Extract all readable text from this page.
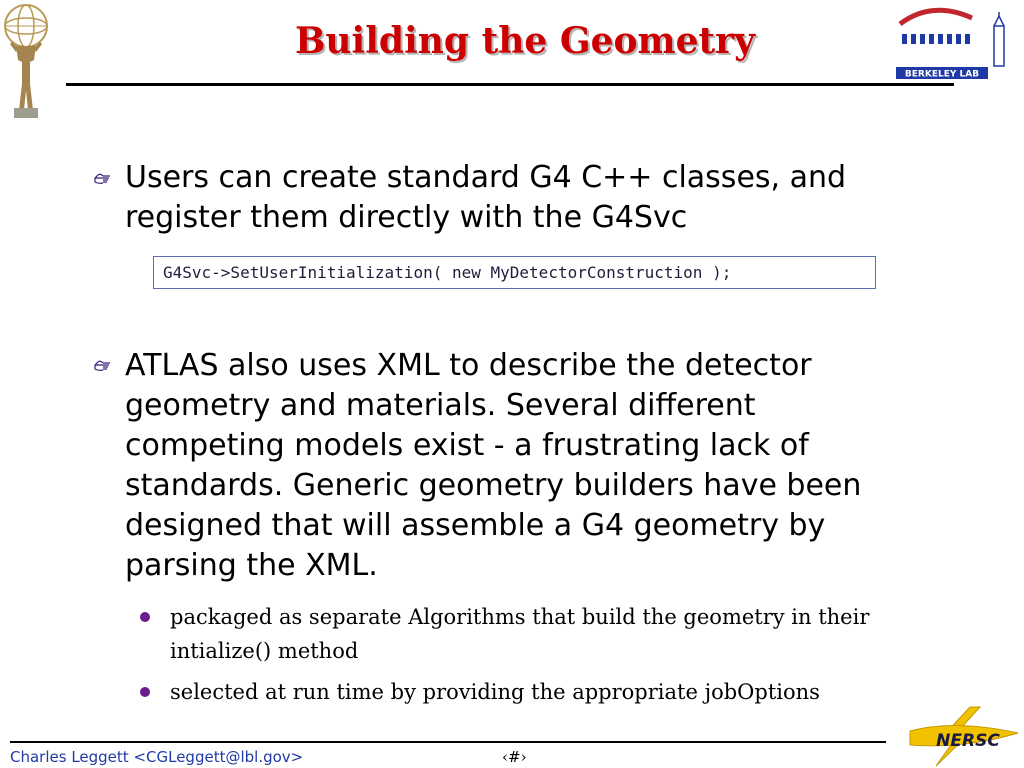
Building the Geometry
BERKELEY LAB
Users can create standard G4 C++ classes, and
register them directly with the G4Svc
G4Svc->SetUserInitialization( new MyDetectorConstruction );
ATLAS also uses XML to describe the detector
geometry and materials. Several different
competing models exist - a frustrating lack of
standards. Generic geometry builders have been
designed that will assemble a G4 geometry by
parsing the XML.
packaged as separate Algorithms that build the geometry in their
intialize() method
selected at run time by providing the appropriate jobOptions
Charles Leggett <CGLeggett@lbl.gov>	‹#›
NERSC
